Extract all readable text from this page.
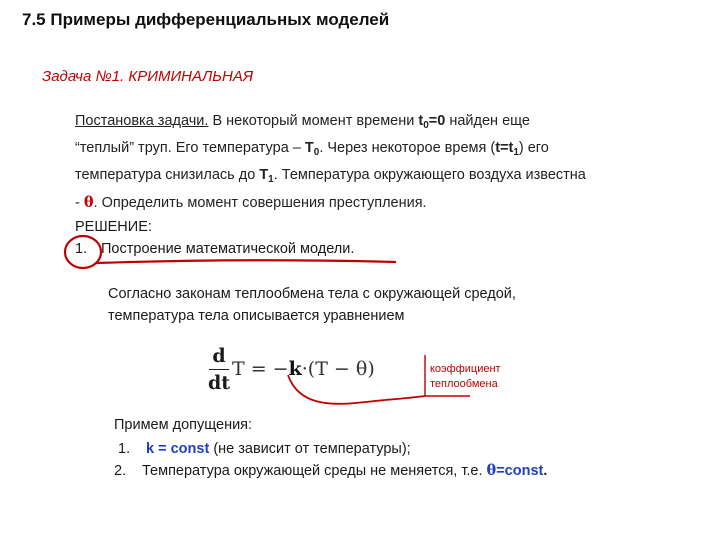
7.5 Примеры дифференциальных моделей
Задача №1. КРИМИНАЛЬНАЯ
Постановка задачи. В некоторый момент времени $t_0=0$ найден еще
“теплый” труп. Его температура – $T_0$. Через некоторое время $(t=t_1)$ его
температура снизилась до $T_1$. Температура окружающего воздуха известна
- θ. Определить момент совершения преступления.
РЕШЕНИЕ:
1. Построение математической модели.
Согласно законам теплообмена тела с окружающей средой,
температура тела описывается уравнением
d
dt
T = −k·(T − θ)	коэффициент
теплообмена
Примем допущения:
1. k = const (не зависит от температуры);
2. Температура окружающей среды не меняется, т.е. θ=const.
